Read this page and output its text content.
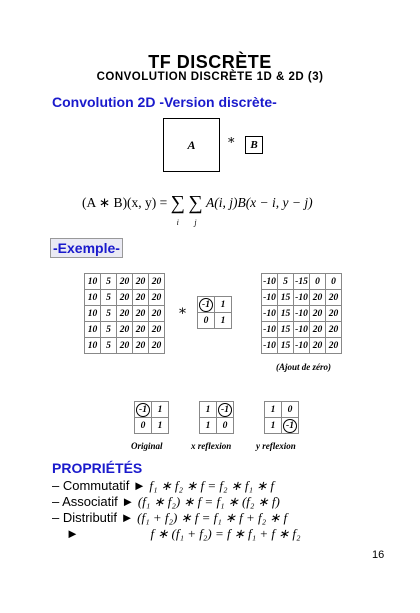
TF DISCRÈTE
CONVOLUTION DISCRÈTE 1D & 2D (3)
Convolution 2D -Version discrète-
A	*	B
(A ∗ B)(x, y) = ∑
i
∑
j
A(i, j)B(x − i, y − j)
-Exemple-
10	5	20	20	20
10	5	20	20	20
10	5	20	20	20
10	5	20	20	20
10	5	20	20	20
*
-1	1
0	1
-10	5	-15	0	0
-10	15	-10	20	20
-10	15	-10	20	20
-10	15	-10	20	20
-10	15	-10	20	20
(Ajout de zéro)
-1	1
0	1
1	-1
1	0
1	0
1	-1
Original	x reflexion	y reflexion
PROPRIÉTÉS
– Commutatif ► f₁ ∗ f₂ ∗ f = f₂ ∗ f₁ ∗ f
– Associatif ► (f₁ ∗ f₂) ∗ f = f₁ ∗ (f₂ ∗ f)
– Distributif ► (f₁ + f₂) ∗ f = f₁ ∗ f + f₂ ∗ f
►	f ∗ (f₁ + f₂) = f ∗ f₁ + f ∗ f₂
16
